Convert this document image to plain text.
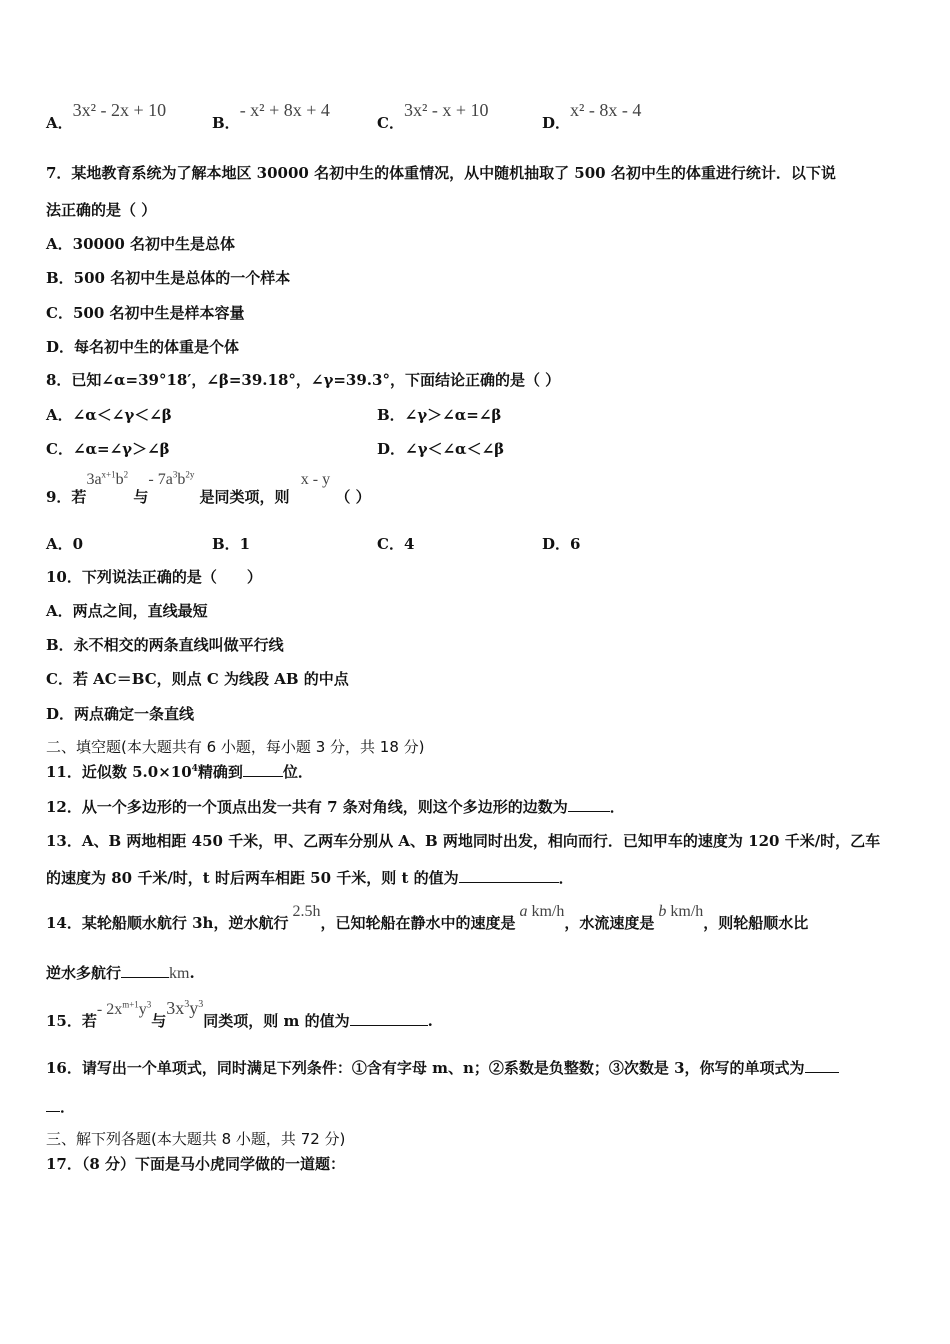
A．3x² - 2x + 10
B．- x² + 8x + 4
C．3x² - x + 10
D．x² - 8x - 4
7．某地教育系统为了解本地区 30000 名初中生的体重情况，从中随机抽取了 500 名初中生的体重进行统计．以下说
法正确的是（ ）
A．30000 名初中生是总体
B．500 名初中生是总体的一个样本
C．500 名初中生是样本容量
D．每名初中生的体重是个体
8．已知∠α=39°18′，∠β=39.18°，∠γ=39.3°，下面结论正确的是（ ）
A．∠α＜∠γ＜∠β	B．∠γ＞∠α=∠β
C．∠α=∠γ＞∠β	D．∠γ＜∠α＜∠β
9．若$3a^{x+1}b^2$ 与- $7a^3b^{2y}$ 是同类项，则 x - y （ ）
A．0	B．1	C．4	D．6
10．下列说法正确的是（　　）
A．两点之间，直线最短
B．永不相交的两条直线叫做平行线
C．若 AC＝BC，则点 C 为线段 AB 的中点
D．两点确定一条直线
二、填空题(本大题共有 6 小题，每小题 3 分，共 18 分)
11．近似数 $5.0\times 10^4$精确到	位．
12．从一个多边形的一个顶点出发一共有 7 条对角线，则这个多边形的边数为	．
13．A、B 两地相距 450 千米，甲、乙两车分别从 A、B 两地同时出发，相向而行．已知甲车的速度为 120 千米/时，乙车
的速度为 80 千米/时，t 时后两车相距 50 千米，则 t 的值为	．
14．某轮船顺水航行 3h，逆水航行2.5h，已知轮船在静水中的速度是a km/h，水流速度是b km/h，则轮船顺水比
逆水多航行	km.
15．若- $2x^{m+1}y^3$与$3x^3y^3$同类项，则 m 的值为	.
16．请写出一个单项式，同时满足下列条件：①含有字母 m、n；②系数是负整数；③次数是 3，你写的单项式为
．
三、解下列各题(本大题共 8 小题，共 72 分)
17．（8 分）下面是马小虎同学做的一道题：
